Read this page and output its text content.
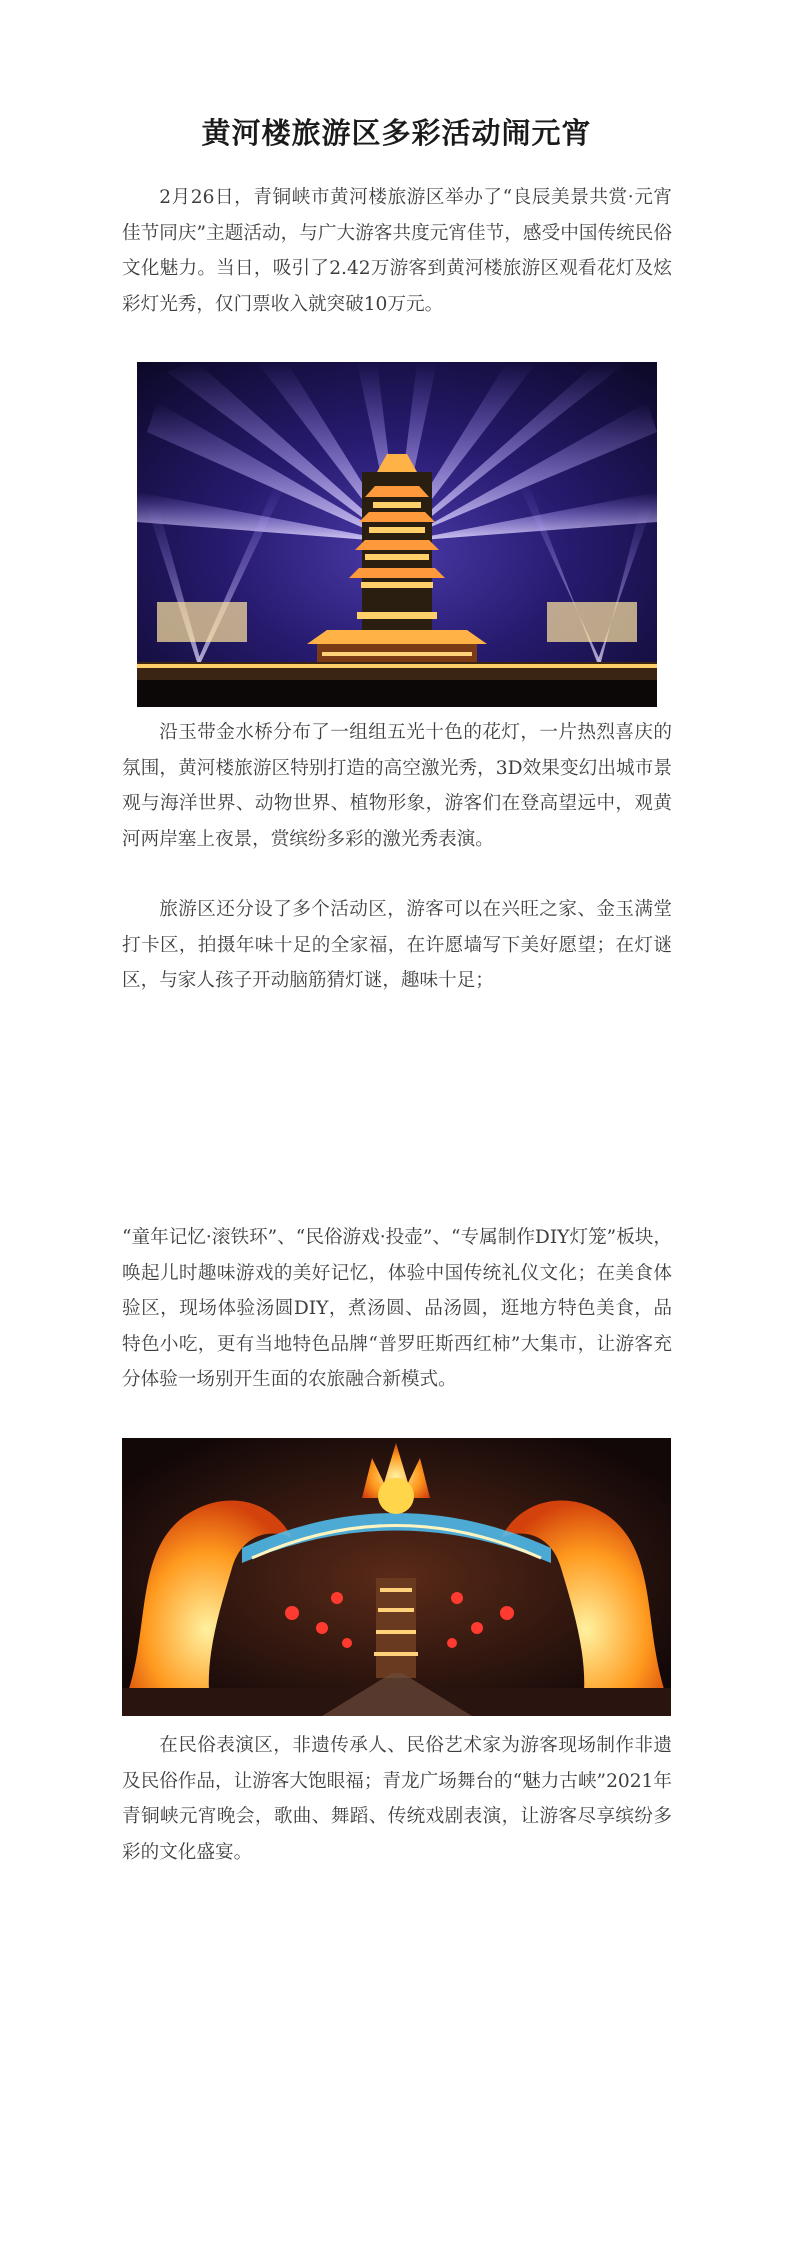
黄河楼旅游区多彩活动闹元宵

2月26日，青铜峡市黄河楼旅游区举办了“良辰美景共赏·元宵佳节同庆”主题活动，与广大游客共度元宵佳节，感受中国传统民俗文化魅力。当日，吸引了2.42万游客到黄河楼旅游区观看花灯及炫彩灯光秀，仅门票收入就突破10万元。

沿玉带金水桥分布了一组组五光十色的花灯，一片热烈喜庆的氛围，黄河楼旅游区特别打造的高空激光秀，3D效果变幻出城市景观与海洋世界、动物世界、植物形象，游客们在登高望远中，观黄河两岸塞上夜景，赏缤纷多彩的激光秀表演。

旅游区还分设了多个活动区，游客可以在兴旺之家、金玉满堂打卡区，拍摄年味十足的全家福，在许愿墙写下美好愿望；在灯谜区，与家人孩子开动脑筋猜灯谜，趣味十足；

“童年记忆·滚铁环”、“民俗游戏·投壶”、“专属制作DIY灯笼”板块，唤起儿时趣味游戏的美好记忆，体验中国传统礼仪文化；在美食体验区，现场体验汤圆DIY，煮汤圆、品汤圆，逛地方特色美食，品特色小吃，更有当地特色品牌“普罗旺斯西红柿”大集市，让游客充分体验一场别开生面的农旅融合新模式。

在民俗表演区，非遗传承人、民俗艺术家为游客现场制作非遗及民俗作品，让游客大饱眼福；青龙广场舞台的“魅力古峡”2021年青铜峡元宵晚会，歌曲、舞蹈、传统戏剧表演，让游客尽享缤纷多彩的文化盛宴。
